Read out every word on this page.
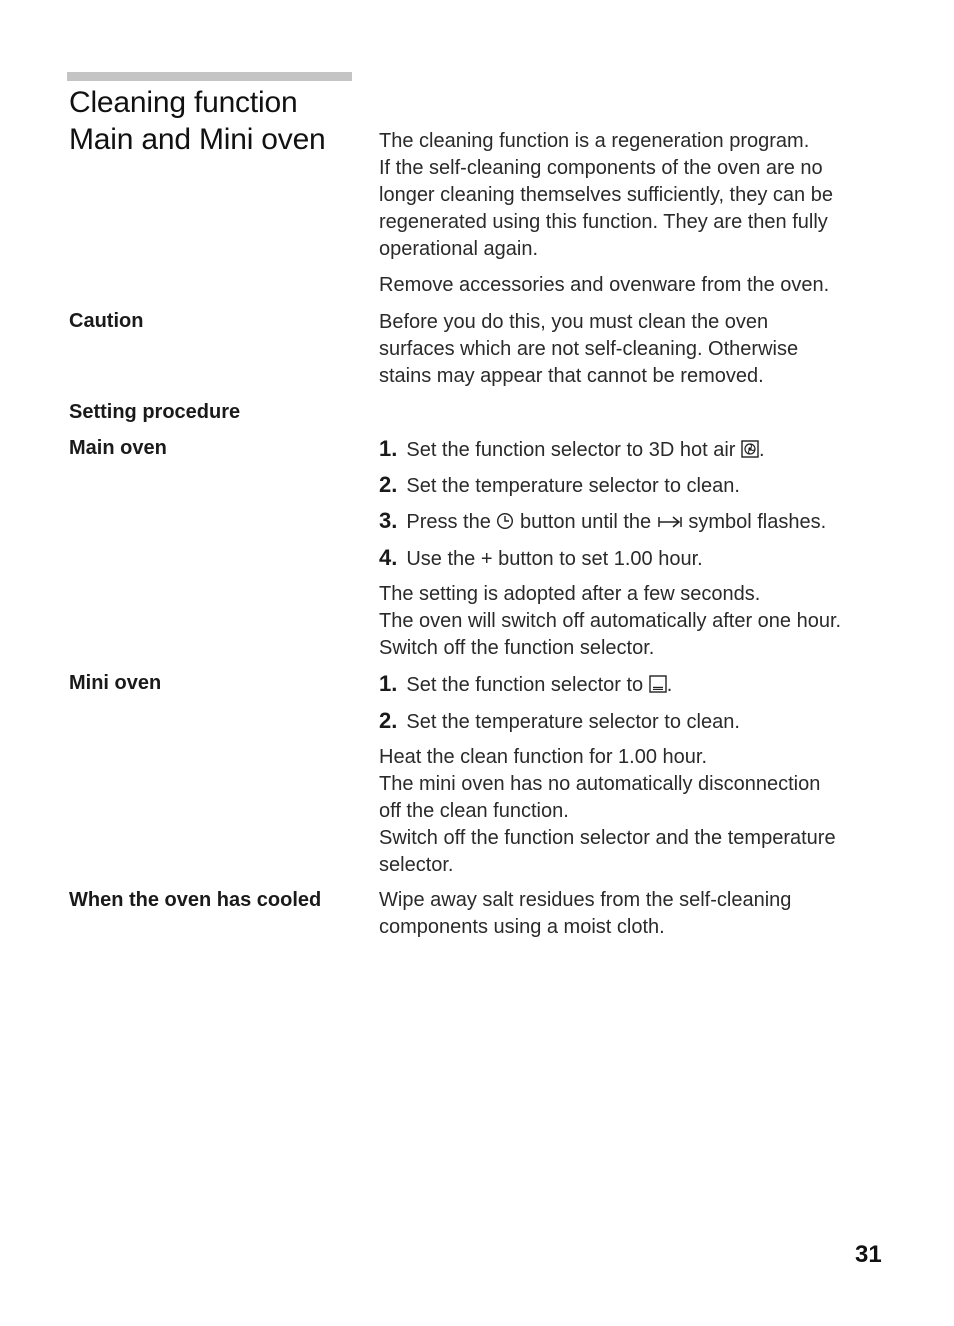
Cleaning function
Main and Mini oven	The cleaning function is a regeneration program.
If the self-cleaning components of the oven are no
longer cleaning themselves sufficiently, they can be
regenerated using this function. They are then fully
operational again.
Remove accessories and ovenware from the oven.
Caution	Before you do this, you must clean the oven
surfaces which are not self-cleaning. Otherwise
stains may appear that cannot be removed.
Setting procedure
Main oven	1. Set the function selector to 3D hot air .
2. Set the temperature selector to clean.
3. Press the button until the symbol flashes.
4. Use the + button to set 1.00 hour.
The setting is adopted after a few seconds.
The oven will switch off automatically after one hour.
Switch off the function selector.
Mini oven	1. Set the function selector to .
2. Set the temperature selector to clean.
Heat the clean function for 1.00 hour.
The mini oven has no automatically disconnection
off the clean function.
Switch off the function selector and the temperature
selector.
When the oven has cooled	Wipe away salt residues from the self-cleaning
components using a moist cloth.
31
